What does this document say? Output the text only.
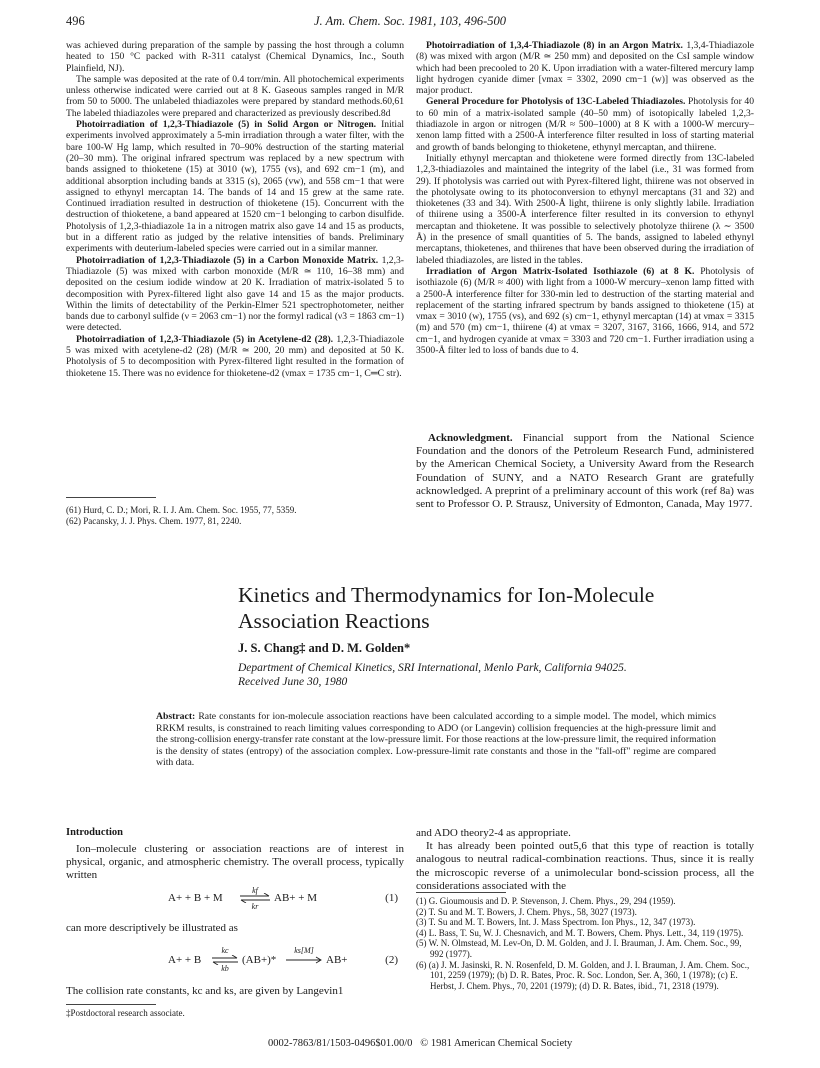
496	J. Am. Chem. Soc. 1981, 103, 496-500

was achieved during preparation of the sample by passing the host through a column heated to 150 °C packed with R-311 catalyst (Chemical Dynamics, Inc., South Plainfield, NJ).

The sample was deposited at the rate of 0.4 torr/min. All photochemical experiments unless otherwise indicated were carried out at 8 K. Gaseous samples ranged in M/R from 50 to 5000. The unlabeled thiadiazoles were prepared by standard methods.60,61 The labeled thiadiazoles were prepared and characterized as previously described.8d

Photoirradiation of 1,2,3-Thiadiazole (5) in Solid Argon or Nitrogen. Initial experiments involved approximately a 5-min irradiation through a water filter, with the bare 100-W Hg lamp, which resulted in 70–90% destruction of the starting material (20–30 mm). The original infrared spectrum was replaced by a new spectrum with bands assigned to thioketene (15) at 3010 (w), 1755 (vs), and 692 cm−1 (m), and additional absorption including bands at 3315 (s), 2065 (vw), and 558 cm−1 that were assigned to ethynyl mercaptan 14. The bands of 14 and 15 grew at the same rate. Continued irradiation resulted in destruction of thioketene (15). Concurrent with the destruction of thioketene, a band appeared at 1520 cm−1 belonging to carbon disulfide. Photolysis of 1,2,3-thiadiazole 1a in a nitrogen matrix also gave 14 and 15 as products, but in a different ratio as judged by the relative intensities of bands. Preliminary experiments with deuterium-labeled species were carried out in a similar manner.

Photoirradiation of 1,2,3-Thiadiazole (5) in a Carbon Monoxide Matrix. 1,2,3-Thiadiazole (5) was mixed with carbon monoxide (M/R ≃ 110, 16–38 mm) and deposited on the cesium iodide window at 20 K. Irradiation of matrix-isolated 5 to decomposition with Pyrex-filtered light also gave 14 and 15 as the major products. Within the limits of detectability of the Perkin-Elmer 521 spectrophotometer, neither bands due to carbonyl sulfide (ν = 2063 cm−1) nor the formyl radical (ν3 = 1863 cm−1) were detected.

Photoirradiation of 1,2,3-Thiadiazole (5) in Acetylene-d2 (28). 1,2,3-Thiadiazole 5 was mixed with acetylene-d2 (28) (M/R ≃ 200, 20 mm) and deposited at 50 K. Photolysis of 5 to decomposition with Pyrex-filtered light resulted in the formation of thioketene 15. There was no evidence for thioketene-d2 (νmax = 1735 cm−1, C═C str).

(61) Hurd, C. D.; Mori, R. I. J. Am. Chem. Soc. 1955, 77, 5359.
(62) Pacansky, J. J. Phys. Chem. 1977, 81, 2240.

Photoirradiation of 1,3,4-Thiadiazole (8) in an Argon Matrix. 1,3,4-Thiadiazole (8) was mixed with argon (M/R ≃ 250 mm) and deposited on the CsI sample window which had been precooled to 20 K. Upon irradiation with a water-filtered mercury lamp light hydrogen cyanide dimer [νmax = 3302, 2090 cm−1 (w)] was observed as the major product.

General Procedure for Photolysis of 13C-Labeled Thiadiazoles. Photolysis for 40 to 60 min of a matrix-isolated sample (40–50 mm) of isotopically labeled 1,2,3-thiadiazole in argon or nitrogen (M/R ≈ 500–1000) at 8 K with a 1000-W mercury–xenon lamp fitted with a 2500-Å interference filter resulted in loss of starting material and growth of bands belonging to thioketene, ethynyl mercaptan, and thiirene.

Initially ethynyl mercaptan and thioketene were formed directly from 13C-labeled 1,2,3-thiadiazoles and maintained the integrity of the label (i.e., 31 was formed from 29). If photolysis was carried out with Pyrex-filtered light, thiirene was not observed in the photolysate owing to its photoconversion to ethynyl mercaptans (31 and 32) and thioketenes (33 and 34). With 2500-Å light, thiirene is only slightly labile. Irradiation of thiirene using a 3500-Å interference filter resulted in its conversion to ethynyl mercaptan and thioketene. It was possible to selectively photolyze thiirene (λ ∼ 3500 Å) in the presence of small quantities of 5. The bands, assigned to labeled ethynyl mercaptans, thioketenes, and thiirenes that have been observed during the irradiation of labeled thiadiazoles, are listed in the tables.

Irradiation of Argon Matrix-Isolated Isothiazole (6) at 8 K. Photolysis of isothiazole (6) (M/R ≈ 400) with light from a 1000-W mercury–xenon lamp fitted with a 2500-Å interference filter for 330-min led to destruction of the starting material and replacement of the starting infrared spectrum by bands assigned to thioketene (15) at νmax = 3010 (w), 1755 (vs), and 692 (s) cm−1, ethynyl mercaptan (14) at νmax = 3315 (m) and 570 (m) cm−1, thiirene (4) at νmax = 3207, 3167, 3166, 1666, 914, and 572 cm−1, and hydrogen cyanide at νmax = 3303 and 720 cm−1. Further irradiation using a 3500-Å filter led to loss of bands due to 4.

Acknowledgment. Financial support from the National Science Foundation and the donors of the Petroleum Research Fund, administered by the American Chemical Society, a University Award from the Research Foundation of SUNY, and a NATO Research Grant are gratefully acknowledged. A preprint of a preliminary account of this work (ref 8a) was sent to Professor O. P. Strausz, University of Edmonton, Canada, May 1977.
Kinetics and Thermodynamics for Ion-Molecule Association Reactions
J. S. Chang‡ and D. M. Golden*
Department of Chemical Kinetics, SRI International, Menlo Park, California 94025.
Received June 30, 1980
Abstract: Rate constants for ion-molecule association reactions have been calculated according to a simple model. The model, which mimics RRKM results, is constrained to reach limiting values corresponding to ADO (or Langevin) collision frequencies at the high-pressure limit and the strong-collision energy-transfer rate constant at the low-pressure limit. For those reactions at the low-pressure limit, the required information is the density of states (entropy) of the association complex. Low-pressure-limit rate constants and those in the "fall-off" regime are compared with data.
Introduction

Ion–molecule clustering or association reactions are of interest in physical, organic, and atmospheric chemistry. The overall process, typically written

A+ + B + M
kf
kr
AB+ + M	(1)
can more descriptively be illustrated as
A+ + B
kc
kb
(AB+)*
ks[M]
AB+	(2)
The collision rate constants, kc and ks, are given by Langevin1
‡Postdoctoral research associate.

and ADO theory2-4 as appropriate.

It has already been pointed out5,6 that this type of reaction is totally analogous to neutral radical-combination reactions. Thus, since it is really the microscopic reverse of a unimolecular bond-scission process, all the considerations associated with the

(1) G. Gioumousis and D. P. Stevenson, J. Chem. Phys., 29, 294 (1959).
(2) T. Su and M. T. Bowers, J. Chem. Phys., 58, 3027 (1973).
(3) T. Su and M. T. Bowers, Int. J. Mass Spectrom. Ion Phys., 12, 347 (1973).
(4) L. Bass, T. Su, W. J. Chesnavich, and M. T. Bowers, Chem. Phys. Lett., 34, 119 (1975).
(5) W. N. Olmstead, M. Lev-On, D. M. Golden, and J. I. Brauman, J. Am. Chem. Soc., 99, 992 (1977).
(6) (a) J. M. Jasinski, R. N. Rosenfeld, D. M. Golden, and J. I. Brauman, J. Am. Chem. Soc., 101, 2259 (1979); (b) D. R. Bates, Proc. R. Soc. London, Ser. A, 360, 1 (1978); (c) E. Herbst, J. Chem. Phys., 70, 2201 (1979); (d) D. R. Bates, ibid., 71, 2318 (1979).
0002-7863/81/1503-0496$01.00/0   © 1981 American Chemical Society
